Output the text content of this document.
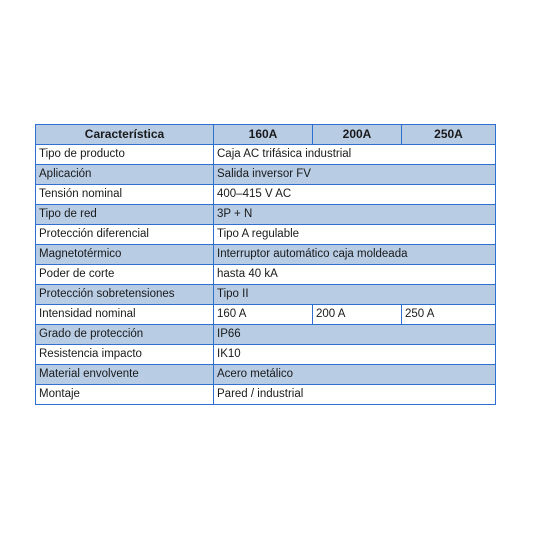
Característica	160A	200A	250A
Tipo de producto	Caja AC trifásica industrial		
Aplicación	Salida inversor FV		
Tensión nominal	400–415 V AC		
Tipo de red	3P + N		
Protección diferencial	Tipo A regulable		
Magnetotérmico	Interruptor automático caja moldeada		
Poder de corte	hasta 40 kA		
Protección sobretensiones	Tipo II		
Intensidad nominal	160 A	200 A	250 A
Grado de protección	IP66		
Resistencia impacto	IK10		
Material envolvente	Acero metálico		
Montaje	Pared / industrial		
